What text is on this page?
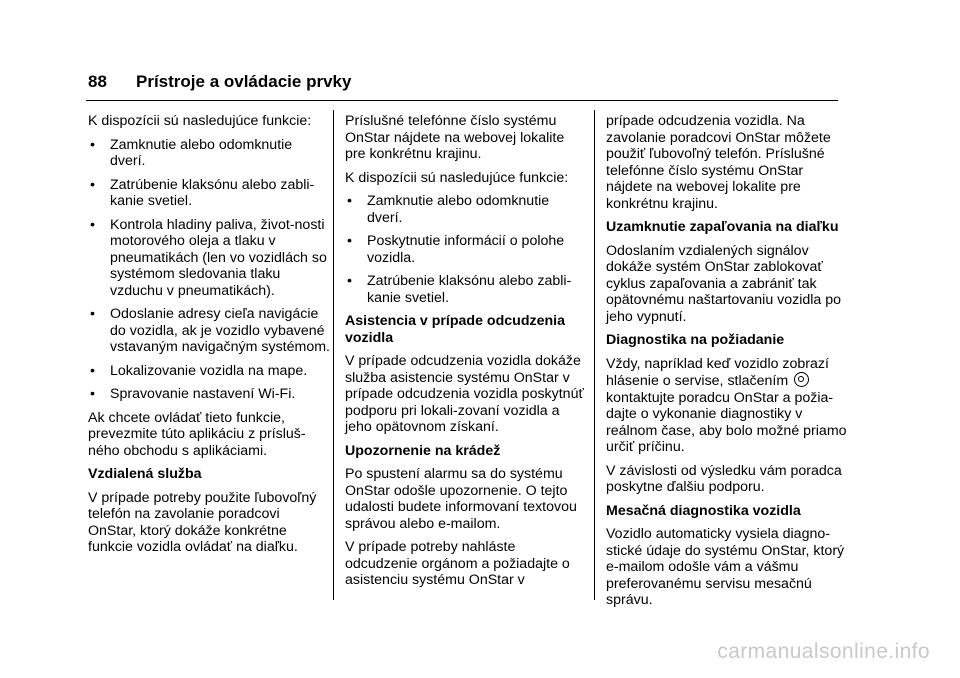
88 Prístroje a ovládacie prvky

K dispozícii sú nasledujúce funkcie:

• Zamknutie alebo odomknutie dverí.
• Zatrúbenie klaksónu alebo zabli-kanie svetiel.
• Kontrola hladiny paliva, život-nosti motorového oleja a tlaku v pneumatikách (len vo vozidlách so systémom sledovania tlaku vzduchu v pneumatikách).
• Odoslanie adresy cieľa navigácie do vozidla, ak je vozidlo vybavené vstavaným navigačným systémom.
• Lokalizovanie vozidla na mape.
• Spravovanie nastavení Wi-Fi.

Ak chcete ovládať tieto funkcie, prevezmite túto aplikáciu z prísluš-ného obchodu s aplikáciami.

Vzdialená služba

V prípade potreby použite ľubovoľný telefón na zavolanie poradcovi OnStar, ktorý dokáže konkrétne funkcie vozidla ovládať na diaľku.

Príslušné telefónne číslo systému OnStar nájdete na webovej lokalite pre konkrétnu krajinu.

K dispozícii sú nasledujúce funkcie:

• Zamknutie alebo odomknutie dverí.
• Poskytnutie informácií o polohe vozidla.
• Zatrúbenie klaksónu alebo zabli-kanie svetiel.

Asistencia v prípade odcudzenia vozidla

V prípade odcudzenia vozidla dokáže služba asistencie systému OnStar v prípade odcudzenia vozidla poskytnúť podporu pri lokali-zovaní vozidla a jeho opätovnom získaní.

Upozornenie na krádež

Po spustení alarmu sa do systému OnStar odošle upozornenie. O tejto udalosti budete informovaní textovou správou alebo e-mailom.

V prípade potreby nahláste odcudzenie orgánom a požiadajte o asistenciu systému OnStar v

prípade odcudzenia vozidla. Na zavolanie poradcovi OnStar môžete použiť ľubovoľný telefón. Príslušné telefónne číslo systému OnStar nájdete na webovej lokalite pre konkrétnu krajinu.

Uzamknutie zapaľovania na diaľku

Odoslaním vzdialených signálov dokáže systém OnStar zablokovať cyklus zapaľovania a zabrániť tak opätovnému naštartovaniu vozidla po jeho vypnutí.

Diagnostika na požiadanie

Vždy, napríklad keď vozidlo zobrazí hlásenie o servise, stlačením  kontaktujte poradcu OnStar a požia-dajte o vykonanie diagnostiky v reálnom čase, aby bolo možné priamo určiť príčinu.

V závislosti od výsledku vám poradca poskytne ďalšiu podporu.

Mesačná diagnostika vozidla

Vozidlo automaticky vysiela diagno-stické údaje do systému OnStar, ktorý e-mailom odošle vám a vášmu preferovanému servisu mesačnú správu.

carmanualsonline.info
